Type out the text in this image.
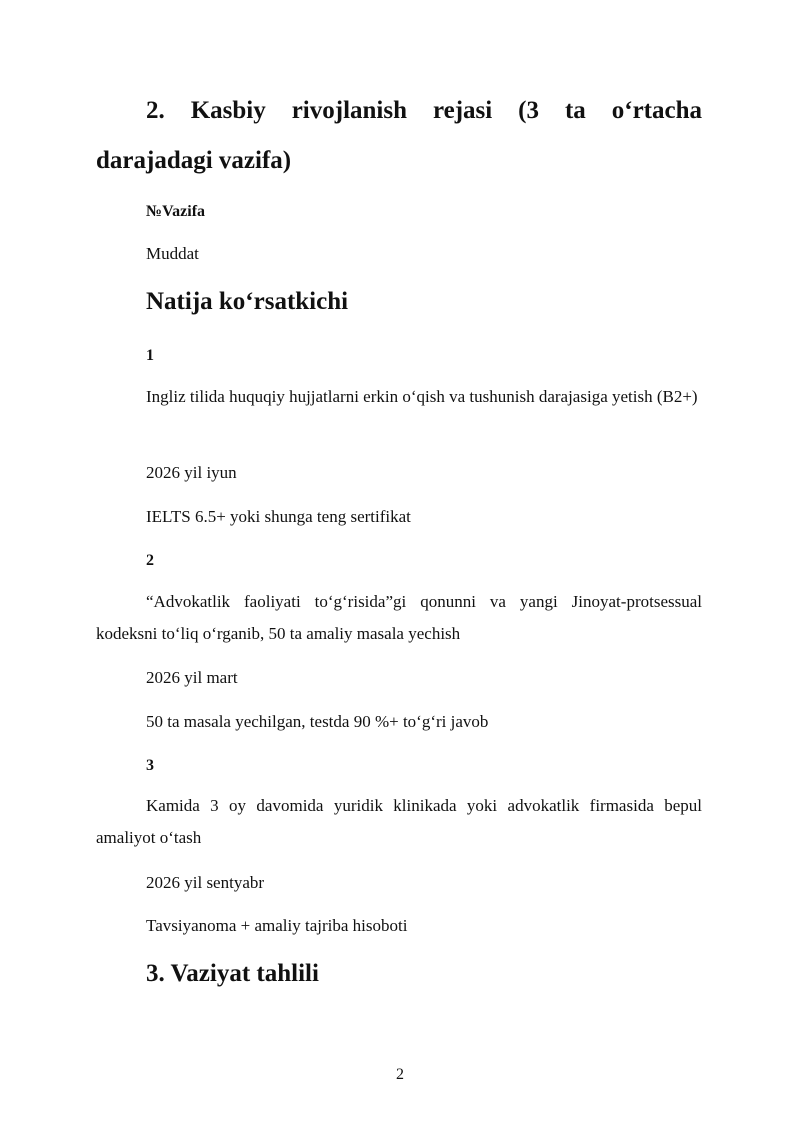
2. Kasbiy rivojlanish rejasi (3 ta o‘rtacha darajadagi vazifa)
№Vazifa
Muddat
Natija ko‘rsatkichi
1
Ingliz tilida huquqiy hujjatlarni erkin o‘qish va tushunish darajasiga yetish (B2+)
2026 yil iyun
IELTS 6.5+ yoki shunga teng sertifikat
2
“Advokatlik faoliyati to‘g‘risida”gi qonunni va yangi Jinoyat-protsessual kodeksni to‘liq o‘rganib, 50 ta amaliy masala yechish
2026 yil mart
50 ta masala yechilgan, testda 90 %+ to‘g‘ri javob
3
Kamida 3 oy davomida yuridik klinikada yoki advokatlik firmasida bepul amaliyot o‘tash
2026 yil sentyabr
Tavsiyanoma + amaliy tajriba hisoboti
3. Vaziyat tahlili
2
